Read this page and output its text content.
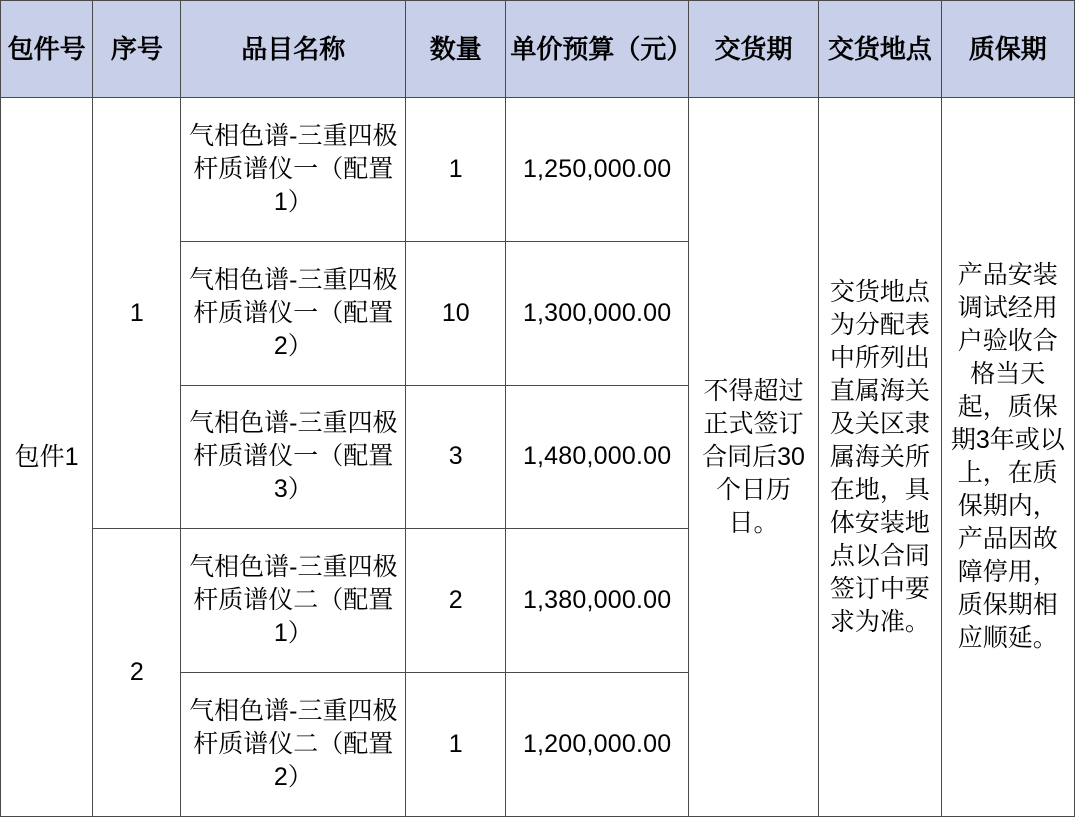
包件号	序号	品目名称	数量	单价预算（元）	交货期	交货地点	质保期
包件1	1	气相色谱-三重四极杆质谱仪一（配置1）	1	1,250,000.00	不得超过正式签订合同后30个日历日。	交货地点为分配表中所列出直属海关及关区隶属海关所在地，具体安装地点以合同签订中要求为准。	产品安装调试经用户验收合格当天起，质保期3年或以上，在质保期内，产品因故障停用，质保期相应顺延。
		气相色谱-三重四极杆质谱仪一（配置2）	10	1,300,000.00			
		气相色谱-三重四极杆质谱仪一（配置3）	3	1,480,000.00			
	2	气相色谱-三重四极杆质谱仪二（配置1）	2	1,380,000.00			
		气相色谱-三重四极杆质谱仪二（配置2）	1	1,200,000.00			
